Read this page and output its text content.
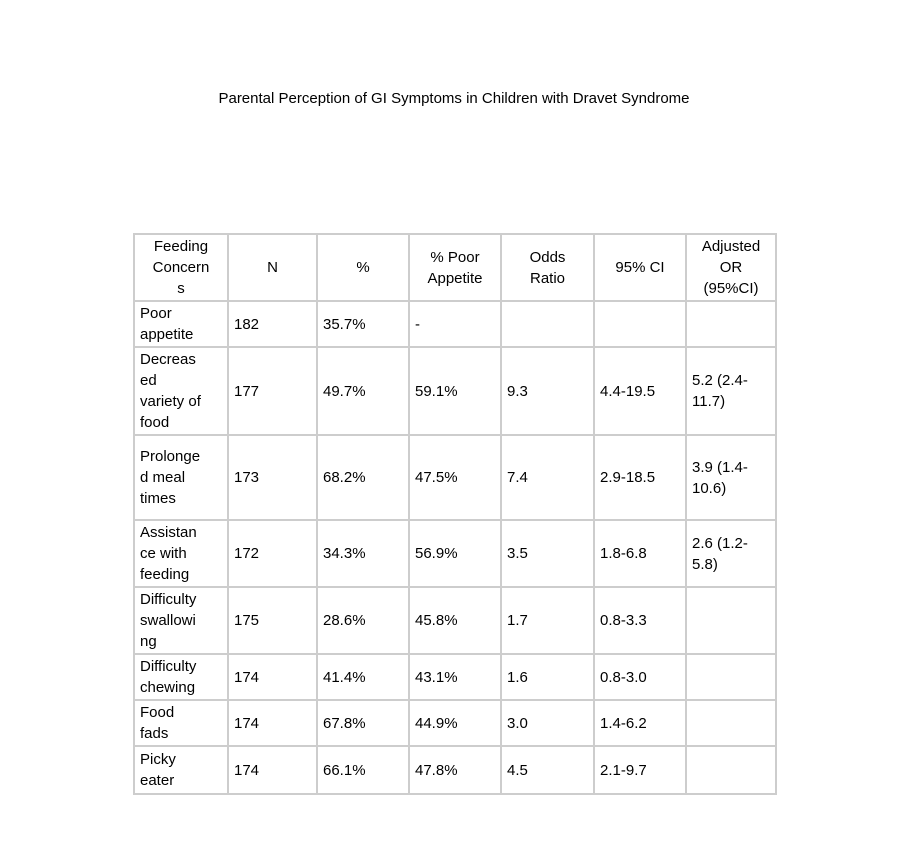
Parental Perception of GI Symptoms in Children with Dravet Syndrome
Feeding Concerns	N	%	% Poor Appetite	Odds Ratio	95% CI	Adjusted OR (95%CI)

Poor appetite	182	35.7%	-			
Decreased variety of food	177	49.7%	59.1%	9.3	4.4-19.5	5.2 (2.4-11.7)
Prolonged meal times	173	68.2%	47.5%	7.4	2.9-18.5	3.9 (1.4-10.6)
Assistance with feeding	172	34.3%	56.9%	3.5	1.8-6.8	2.6 (1.2-5.8)
Difficulty swallowing	175	28.6%	45.8%	1.7	0.8-3.3	
Difficulty chewing	174	41.4%	43.1%	1.6	0.8-3.0	
Food fads	174	67.8%	44.9%	3.0	1.4-6.2	
Picky eater	174	66.1%	47.8%	4.5	2.1-9.7	
